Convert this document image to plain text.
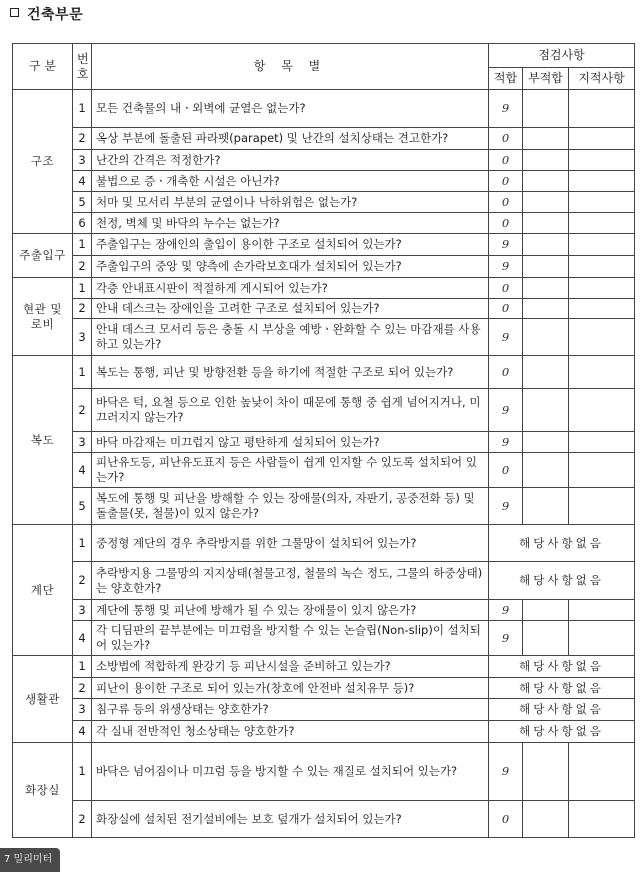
건축부문
구 분	번호	항 목 별	점검사항		
			적합	부적합	지적사항
구조	1	모든 건축물의 내ㆍ외벽에 균열은 없는가?	9		
	2	옥상 부분에 돌출된 파라펫(parapet) 및 난간의 설치상태는 견고한가?	0		
	3	난간의 간격은 적정한가?	0		
	4	불법으로 증ㆍ개축한 시설은 아닌가?	0		
	5	처마 및 모서리 부분의 균열이나 낙하위험은 없는가?	0		
	6	천정, 벽체 및 바닥의 누수는 없는가?	0		
주출입구	1	주출입구는 장애인의 출입이 용이한 구조로 설치되어 있는가?	9		
	2	주출입구의 중앙 및 양측에 손가락보호대가 설치되어 있는가?	9		
현관 및 로비	1	각층 안내표시판이 적절하게 게시되어 있는가?	0		
	2	안내 데스크는 장애인을 고려한 구조로 설치되어 있는가?	0		
	3	안내 데스크 모서리 등은 충돌 시 부상을 예방ㆍ완화할 수 있는 마감재를 사용하고 있는가?	9		
복도	1	복도는 통행, 피난 및 방향전환 등을 하기에 적절한 구조로 되어 있는가?	0		
	2	바닥은 턱, 요철 등으로 인한 높낮이 차이 때문에 통행 중 쉽게 넘어지거나, 미끄러지지 않는가?	9		
	3	바닥 마감재는 미끄럽지 않고 평탄하게 설치되어 있는가?	9		
	4	피난유도등, 피난유도표지 등은 사람들이 쉽게 인지할 수 있도록 설치되어 있는가?	0		
	5	복도에 통행 및 피난을 방해할 수 있는 장애물(의자, 자판기, 공중전화 등) 및 돌출물(못, 철물)이 있지 않은가?	9		
계단	1	중정형 계단의 경우 추락방지를 위한 그물망이 설치되어 있는가?	해당사항없음		
	2	추락방지용 그물망의 지지상태(철물고정, 철물의 녹슨 정도, 그물의 하중상태)는 양호한가?	해당사항없음		
	3	계단에 통행 및 피난에 방해가 될 수 있는 장애물이 있지 않은가?	9		
	4	각 디딤판의 끝부분에는 미끄럼을 방지할 수 있는 논슬립(Non-slip)이 설치되어 있는가?	9		
생활관	1	소방법에 적합하게 완강기 등 피난시설을 준비하고 있는가?	해당사항없음		
	2	피난이 용이한 구조로 되어 있는가(창호에 안전바 설치유무 등)?	해당사항없음		
	3	침구류 등의 위생상태는 양호한가?	해당사항없음		
	4	각 실내 전반적인 청소상태는 양호한가?	해당사항없음		
화장실	1	바닥은 넘어짐이나 미끄럼 등을 방지할 수 있는 재질로 설치되어 있는가?	9		
	2	화장실에 설치된 전기설비에는 보호 덮개가 설치되어 있는가?	0		
7 밀리미터
